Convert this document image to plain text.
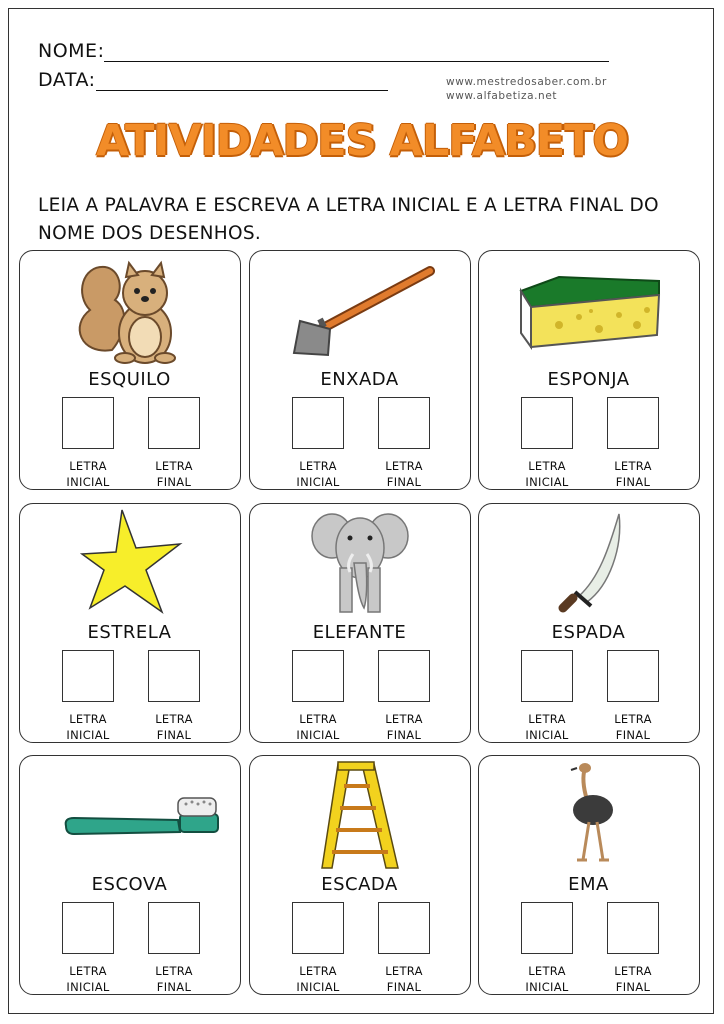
NOME:
DATA:	www.mestredosaber.com.br
www.alfabetiza.net
ATIVIDADES ALFABETO
LEIA A PALAVRA E ESCREVA A LETRA INICIAL E A LETRA FINAL DO NOME DOS DESENHOS.
ESQUILO
LETRA
INICIAL
LETRA
FINAL
ENXADA
LETRA
INICIAL
LETRA
FINAL
ESPONJA
LETRA
INICIAL
LETRA
FINAL
ESTRELA
LETRA
INICIAL
LETRA
FINAL
ELEFANTE
LETRA
INICIAL
LETRA
FINAL
ESPADA
LETRA
INICIAL
LETRA
FINAL
ESCOVA
LETRA
INICIAL
LETRA
FINAL
ESCADA
LETRA
INICIAL
LETRA
FINAL
EMA
LETRA
INICIAL
LETRA
FINAL
